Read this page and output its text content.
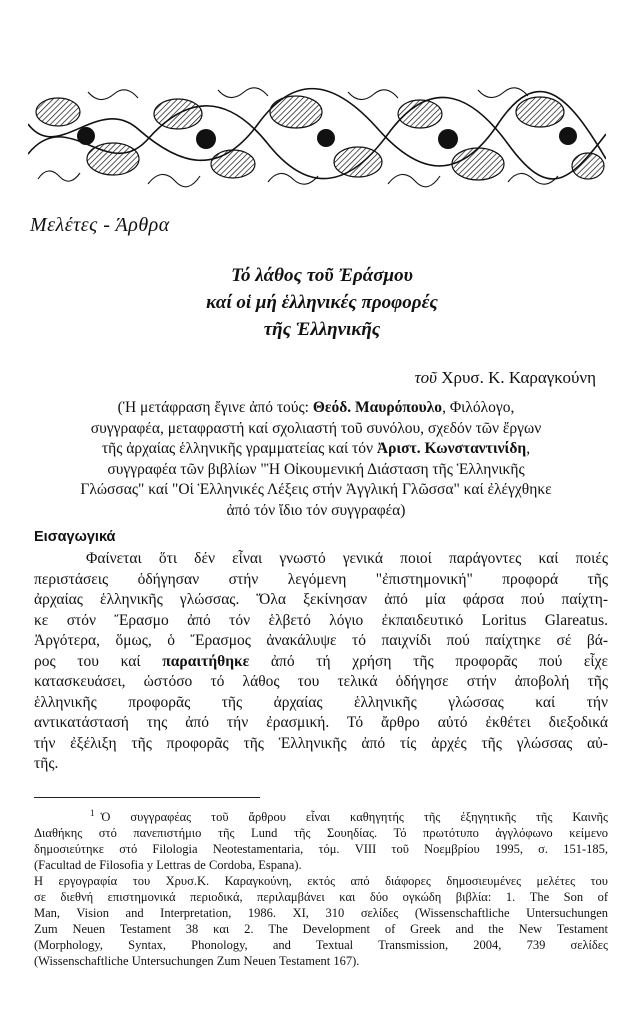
Μελέτες - Άρθρα
Τό λάθος τοῦ Ἐράσμου
καί οἱ μή ἑλληνικές προφορές
τῆς Ἑλληνικῆς
τοῦ Χρυσ. Κ. Καραγκούνη
(Ἡ μετάφραση ἔγινε ἀπό τούς: Θεόδ. Μαυρόπουλο, Φιλόλογο,
συγγραφέα, μεταφραστή καί σχολιαστή τοῦ συνόλου, σχεδόν τῶν ἔργων
τῆς ἀρχαίας ἑλληνικῆς γραμματείας καί τόν Ἀριστ. Κωνσταντινίδη,
συγγραφέα τῶν βιβλίων "Ἡ Οἰκουμενική Διάσταση τῆς Ἑλληνικῆς
Γλώσσας" καί "Οἱ Ἑλληνικές Λέξεις στήν Ἀγγλική Γλῶσσα" καί ἐλέγχθηκε
ἀπό τόν ἴδιο τόν συγγραφέα)
Εισαγωγικά
Φαίνεται ὅτι δέν εἶναι γνωστό γενικά ποιοί παράγοντες καί ποιές
περιστάσεις ὁδήγησαν στήν λεγόμενη "ἐπιστημονική" προφορά τῆς
ἀρχαίας ἑλληνικῆς γλώσσας. Ὅλα ξεκίνησαν ἀπό μία φάρσα πού παίχτη-
κε στόν Ἔρασμο ἀπό τόν ἑλβετό λόγιο ἐκπαιδευτικό Loritus Glareatus.
Ἀργότερα, ὅμως, ὁ Ἔρασμος ἀνακάλυψε τό παιχνίδι πού παίχτηκε σέ βά-
ρος του καί παραιτήθηκε ἀπό τή χρήση τῆς προφορᾶς πού εἶχε
κατασκευάσει, ὡστόσο τό λάθος του τελικά ὁδήγησε στήν ἀποβολή τῆς
ἑλληνικῆς προφορᾶς τῆς ἀρχαίας ἑλληνικῆς γλώσσας καί τήν
αντικατάστασή της ἀπό τήν ἐρασμική. Τό ἄρθρο αὐτό ἐκθέτει διεξοδικά
τήν ἐξέλιξη τῆς προφορᾶς τῆς Ἑλληνικῆς ἀπό τίς ἀρχές τῆς γλώσσας αὐ-
τῆς.
$^1$ Ὁ συγγραφέας τοῦ ἄρθρου εἶναι καθηγητής τῆς ἐξηγητικῆς τῆς Καινῆς
Διαθήκης στό πανεπιστήμιο τῆς Lund τῆς Σουηδίας. Τό πρωτότυπο ἀγγλόφωνο κείμενο
δημοσιεύτηκε στό Filologia Neotestamentaria, τόμ. VIII τοῦ Νοεμβρίου 1995, σ. 151-185,
(Facultad de Filosofia y Lettras de Cordoba, Espana).
Η εργογραφία του Χρυσ.Κ. Καραγκούνη, εκτός από διάφορες δημοσιευμένες μελέτες του
σε διεθνή επιστημονικά περιοδικά, περιλαμβάνει και δύο ογκώδη βιβλία: 1. The Son of
Man, Vision and Interpretation, 1986. XI, 310 σελίδες (Wissenschaftliche Untersuchungen
Zum Neuen Testament 38 και 2. The Development of Greek and the New Testament
(Morphology, Syntax, Phonology, and Textual Transmission, 2004, 739 σελίδες
(Wissenschaftliche Untersuchungen Zum Neuen Testament 167).
